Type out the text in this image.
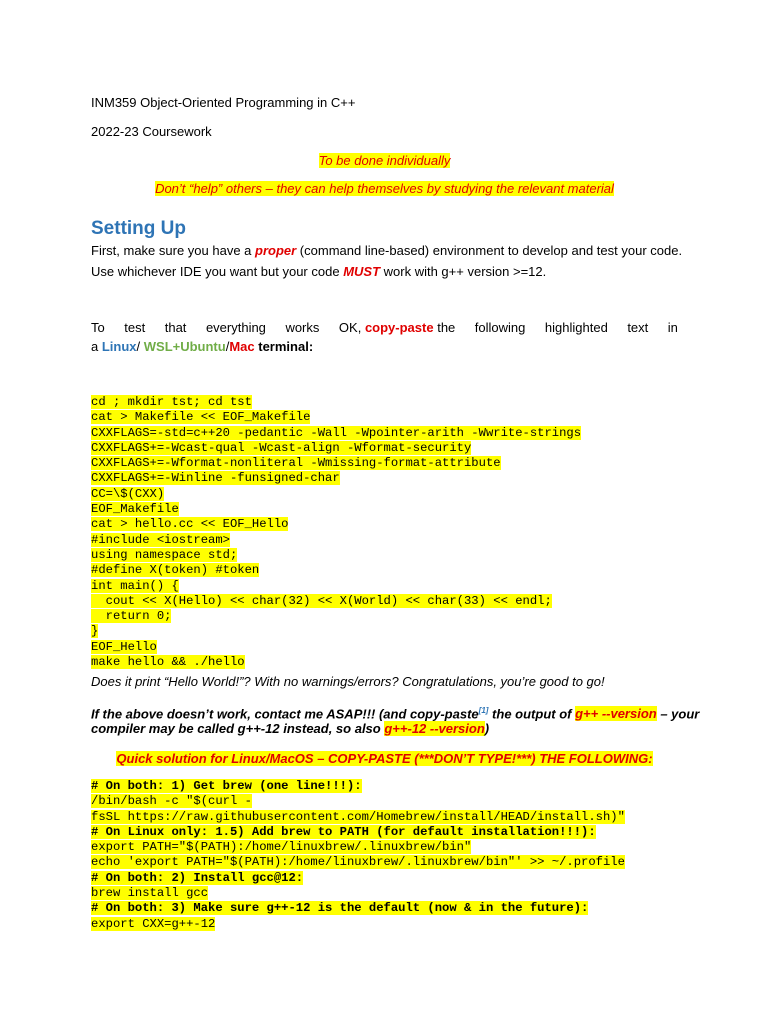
INM359 Object-Oriented Programming in C++

2022-23 Coursework

To be done individually

Don’t “help” others – they can help themselves by studying the relevant material

Setting Up

First, make sure you have a proper (command line-based) environment to develop and test your code.

Use whichever IDE you want but your code MUST work with g++ version >=12.

To test that everything works OK, copy-paste the following highlighted text in

a Linux/ WSL+Ubuntu/Mac terminal:

cd ; mkdir tst; cd tst
cat > Makefile << EOF_Makefile
CXXFLAGS=-std=c++20 -pedantic -Wall -Wpointer-arith -Wwrite-strings
CXXFLAGS+=-Wcast-qual -Wcast-align -Wformat-security
CXXFLAGS+=-Wformat-nonliteral -Wmissing-format-attribute
CXXFLAGS+=-Winline -funsigned-char
CC=\$(CXX)
EOF_Makefile
cat > hello.cc << EOF_Hello
#include <iostream>
using namespace std;
#define X(token) #token
int main() {
cout << X(Hello) << char(32) << X(World) << char(33) << endl;
return 0;
}
EOF_Hello
make hello && ./hello

Does it print “Hello World!”? With no warnings/errors? Congratulations, you’re good to go!

If the above doesn’t work, contact me ASAP!!! (and copy-paste[1] the output of g++ --version – your

compiler may be called g++-12 instead, so also g++-12 --version)

Quick solution for Linux/MacOS – COPY-PASTE (***DON’T TYPE!***) THE FOLLOWING:

# On both: 1) Get brew (one line!!!):
/bin/bash -c "$(curl -
fsSL https://raw.githubusercontent.com/Homebrew/install/HEAD/install.sh)"
# On Linux only: 1.5) Add brew to PATH (for default installation!!!):
export PATH="$(PATH):/home/linuxbrew/.linuxbrew/bin"
echo 'export PATH="$(PATH):/home/linuxbrew/.linuxbrew/bin"' >> ~/.profile
# On both: 2) Install gcc@12:
brew install gcc
# On both: 3) Make sure g++-12 is the default (now & in the future):
export CXX=g++-12
